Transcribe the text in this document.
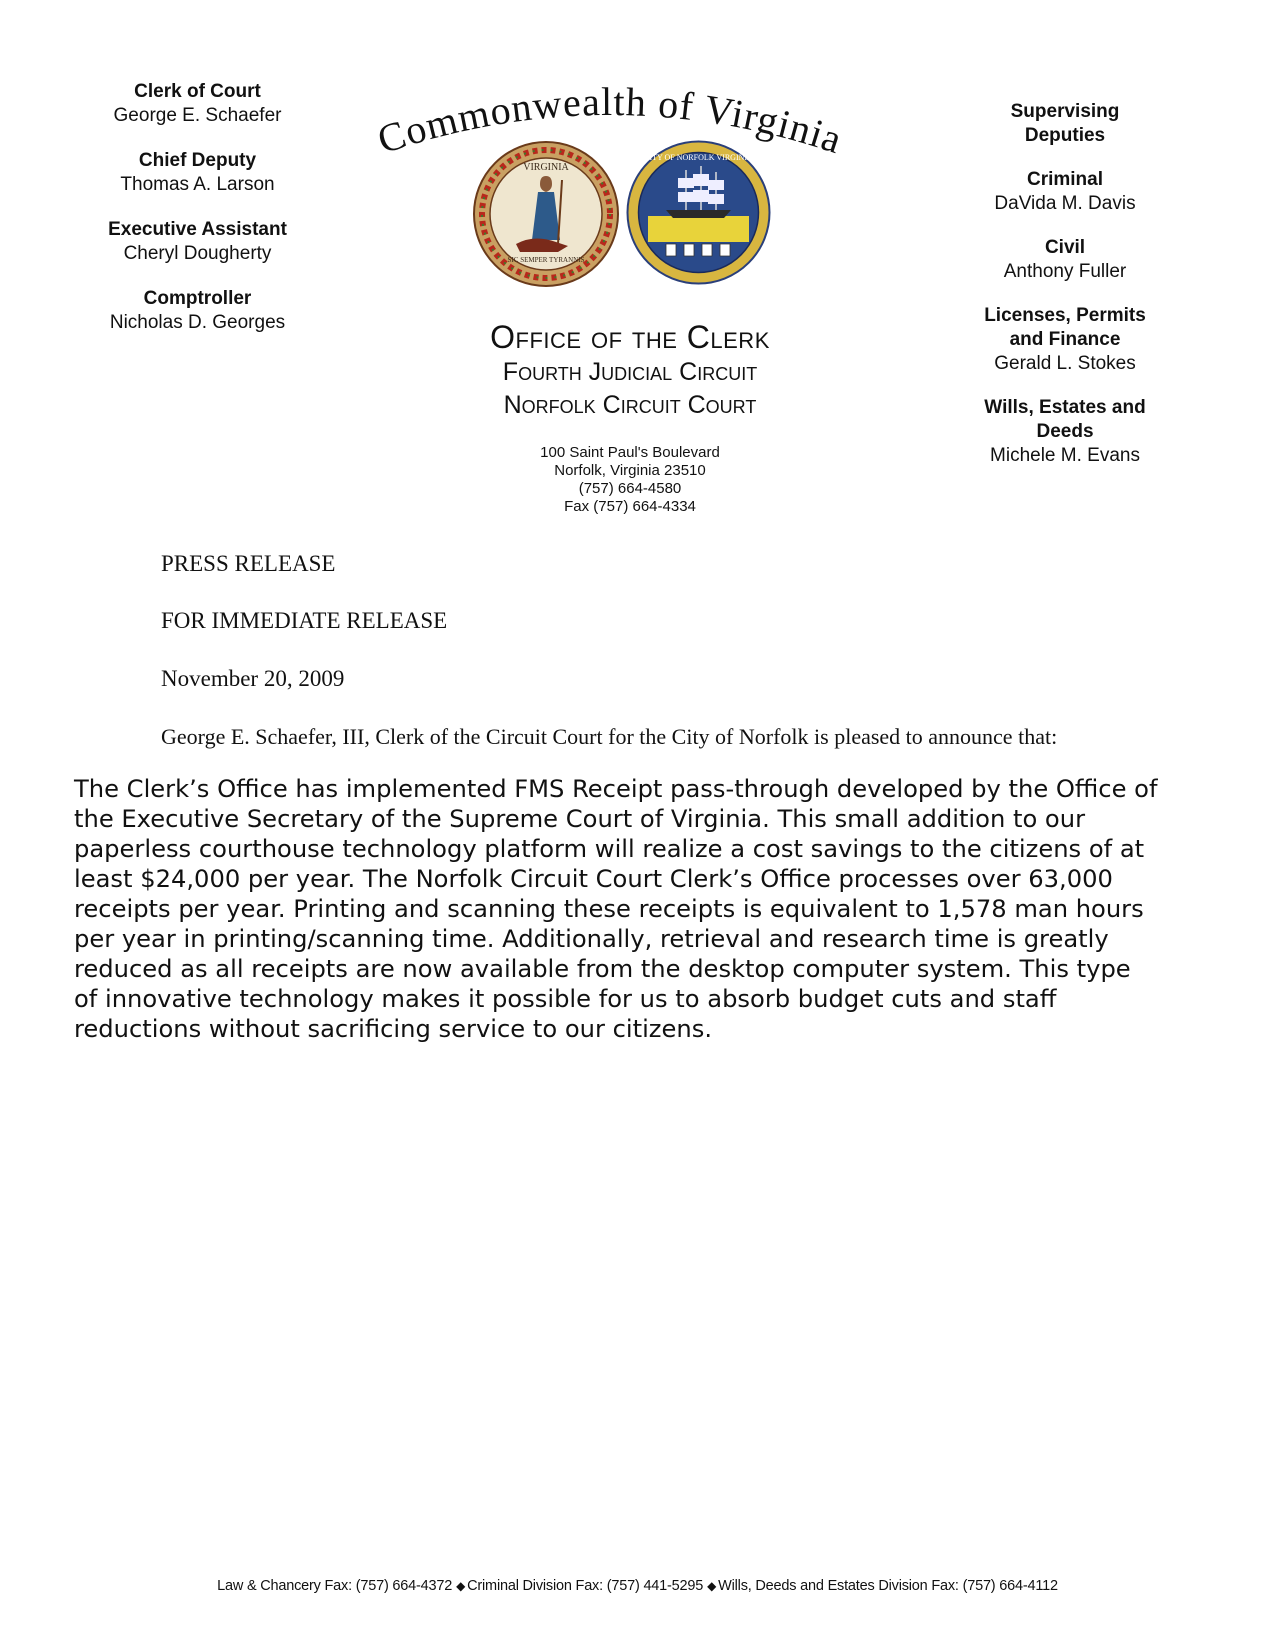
Clerk of Court
George E. Schaefer
Chief Deputy
Thomas A. Larson
Executive Assistant
Cheryl Dougherty
Comptroller
Nicholas D. Georges
Commonwealth of Virginia
VIRGINIA
SIC SEMPER TYRANNIS
CITY OF NORFOLK VIRGINIA
Office of the Clerk
Fourth Judicial Circuit
Norfolk Circuit Court
100 Saint Paul's Boulevard
Norfolk, Virginia 23510
(757) 664-4580
Fax (757) 664-4334
Supervising
Deputies
Criminal
DaVida M. Davis
Civil
Anthony Fuller
Licenses, Permits
and Finance
Gerald L. Stokes
Wills, Estates and
Deeds
Michele M. Evans
PRESS RELEASE
FOR IMMEDIATE RELEASE
November 20, 2009
George E. Schaefer, III, Clerk of the Circuit Court for the City of Norfolk is pleased to announce that:
The Clerk’s Office has implemented FMS Receipt pass-through developed by the Office of
the Executive Secretary of the Supreme Court of Virginia. This small addition to our
paperless courthouse technology platform will realize a cost savings to the citizens of at
least $24,000 per year. The Norfolk Circuit Court Clerk’s Office processes over 63,000
receipts per year. Printing and scanning these receipts is equivalent to 1,578 man hours
per year in printing/scanning time. Additionally, retrieval and research time is greatly
reduced as all receipts are now available from the desktop computer system. This type
of innovative technology makes it possible for us to absorb budget cuts and staff
reductions without sacrificing service to our citizens.
Law & Chancery Fax: (757) 664-4372 ◆ Criminal Division Fax: (757) 441-5295 ◆ Wills, Deeds and Estates Division Fax: (757) 664-4112
